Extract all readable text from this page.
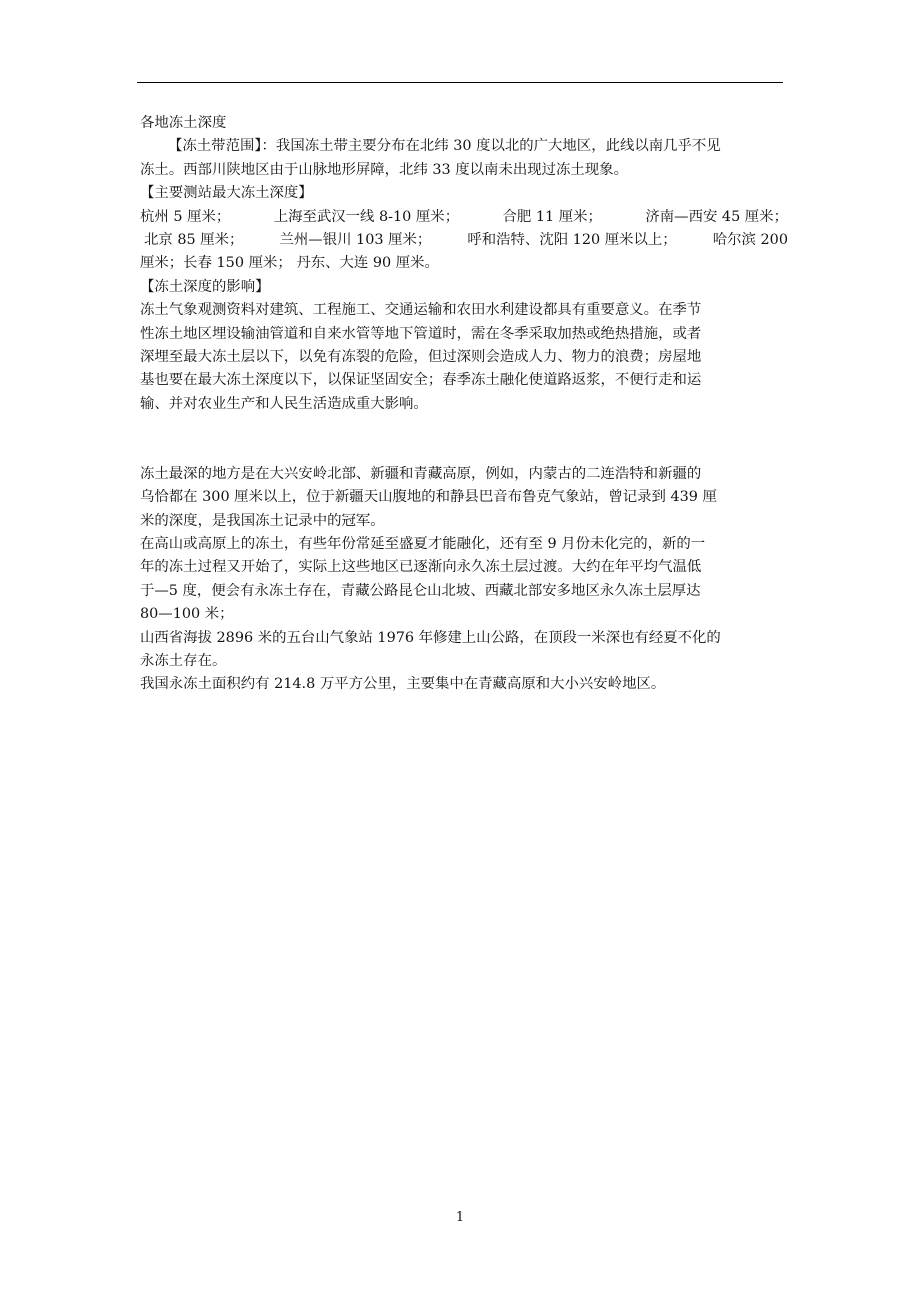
各地冻土深度
【冻土带范围】：我国冻土带主要分布在北纬 30 度以北的广大地区，此线以南几乎不见
冻土。西部川陕地区由于山脉地形屏障，北纬 33 度以南未出现过冻土现象。
【主要测站最大冻土深度】
杭州 5 厘米；	上海至武汉一线 8-10 厘米；	合肥 11 厘米；	济南—西安 45 厘米；
北京 85 厘米；	兰州—银川 103 厘米；	呼和浩特、沈阳 120 厘米以上；	哈尔滨 200
厘米；长春 150 厘米； 丹东、大连 90 厘米。
【冻土深度的影响】
冻土气象观测资料对建筑、工程施工、交通运输和农田水利建设都具有重要意义。在季节
性冻土地区埋设输油管道和自来水管等地下管道时，需在冬季采取加热或绝热措施，或者
深埋至最大冻土层以下，以免有冻裂的危险，但过深则会造成人力、物力的浪费；房屋地
基也要在最大冻土深度以下，以保证坚固安全；春季冻土融化使道路返浆，不便行走和运
输、并对农业生产和人民生活造成重大影响。
冻土最深的地方是在大兴安岭北部、新疆和青藏高原，例如，内蒙古的二连浩特和新疆的
乌恰都在 300 厘米以上，位于新疆天山腹地的和静县巴音布鲁克气象站，曾记录到 439 厘
米的深度，是我国冻土记录中的冠军。
在高山或高原上的冻土，有些年份常延至盛夏才能融化，还有至 9 月份未化完的，新的一
年的冻土过程又开始了，实际上这些地区已逐渐向永久冻土层过渡。大约在年平均气温低
于—5 度，便会有永冻土存在，青藏公路昆仑山北坡、西藏北部安多地区永久冻土层厚达
80—100 米；
山西省海拔 2896 米的五台山气象站 1976 年修建上山公路，在顶段一米深也有经夏不化的
永冻土存在。
我国永冻土面积约有 214.8 万平方公里，主要集中在青藏高原和大小兴安岭地区。
1
